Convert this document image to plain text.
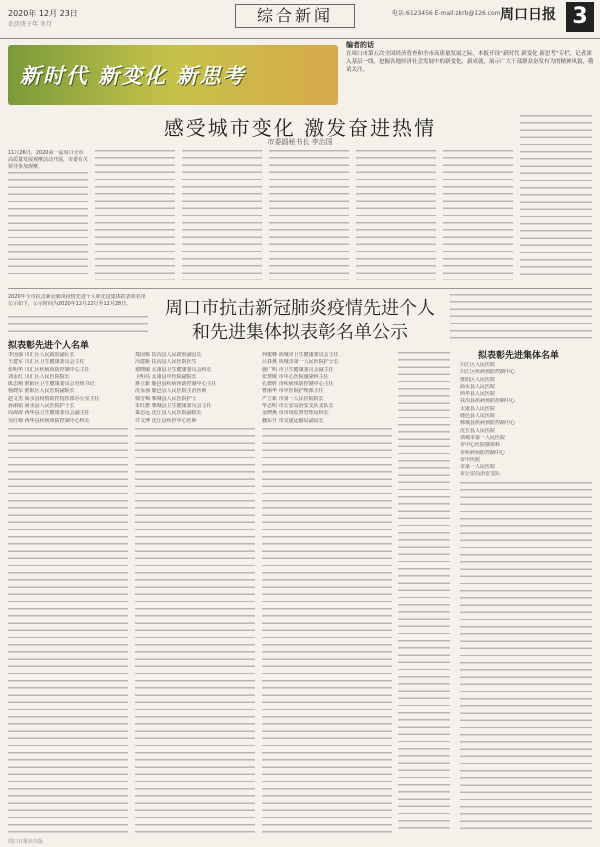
2020年 12月 23日
农历庚子年 冬月	综合新闻	电话:6123456 E-mail:zkrb@126.com 周口日报 3
新时代 新变化 新思考
编者的话
在周口市第五次全国经济普查和全市高质量发展之际，本报开设“新时代 新变化 新思考”专栏，记者深入基层一线，挖掘各地经济社会发展中的新变化、新成就，展示广大干部群众奋发有为的精神风貌，敬请关注。
感受城市变化 激发奋进热情
市委副秘书长 李治国
11月26日，2020第一届周口全市高质量发展观摩活动开展，市委有关领导参加观摩。
周口市抗击新冠肺炎疫情先进个人
和先进集体拟表彰名单公示
2020年全市抗击新冠肺炎疫情先进个人和先进集体拟表彰名单公示如下，公示时间为2020年12月22日至12月28日。
拟表彰先进个人名单
李国强 川汇区人民政府副区长
王建军 川汇区卫生健康委员会主任
张明华 川汇区疾病预防控制中心主任
刘永红 川汇区人民医院院长
陈志刚 淮阳区卫生健康委员会党组书记
杨晓东 淮阳区人民医院副院长
赵文杰 商水县疫情防控指挥部办公室主任
孙丽娟 商水县人民医院护士长
周海涛 西华县卫生健康委员会副主任
吴红梅 西华县疾病预防控制中心科长
郑国栋 扶沟县人民政府副县长
冯建新 扶沟县人民医院医生
褚晓敏 太康县卫生健康委员会科长
卫明亮 太康县中医院副院长
蒋立新 鹿邑县疾病预防控制中心主任
沈永强 鹿邑县人民医院主治医师
韩雪梅 郸城县人民医院护士
朱红旗 郸城县卫生健康委员会主任
秦志远 沈丘县人民医院副院长
许文博 沈丘县疾控中心医师
何俊峰 项城市卫生健康委员会主任
吕春燕 项城市第一人民医院护士长
施广明 市卫生健康委员会副主任
张慧敏 市中心医院感染科主任
孔德胜 市疾病预防控制中心主任
曹丽华 市中医院护理部主任
严立新 市第一人民医院院长
华志明 市公安局治安支队支队长
金晓燕 市市场监督管理局科长
魏东升 市交通运输局副局长
拟表彰先进集体名单
川汇区人民医院
川汇区疾病预防控制中心
淮阳区人民医院
商水县人民医院
西华县人民医院
扶沟县疾病预防控制中心
太康县人民医院
鹿邑县人民医院
郸城县疾病预防控制中心
沈丘县人民医院
项城市第一人民医院
市中心医院感染科
市疾病预防控制中心
市中医院
市第一人民医院
市公安局治安支队
周口日报社出版
